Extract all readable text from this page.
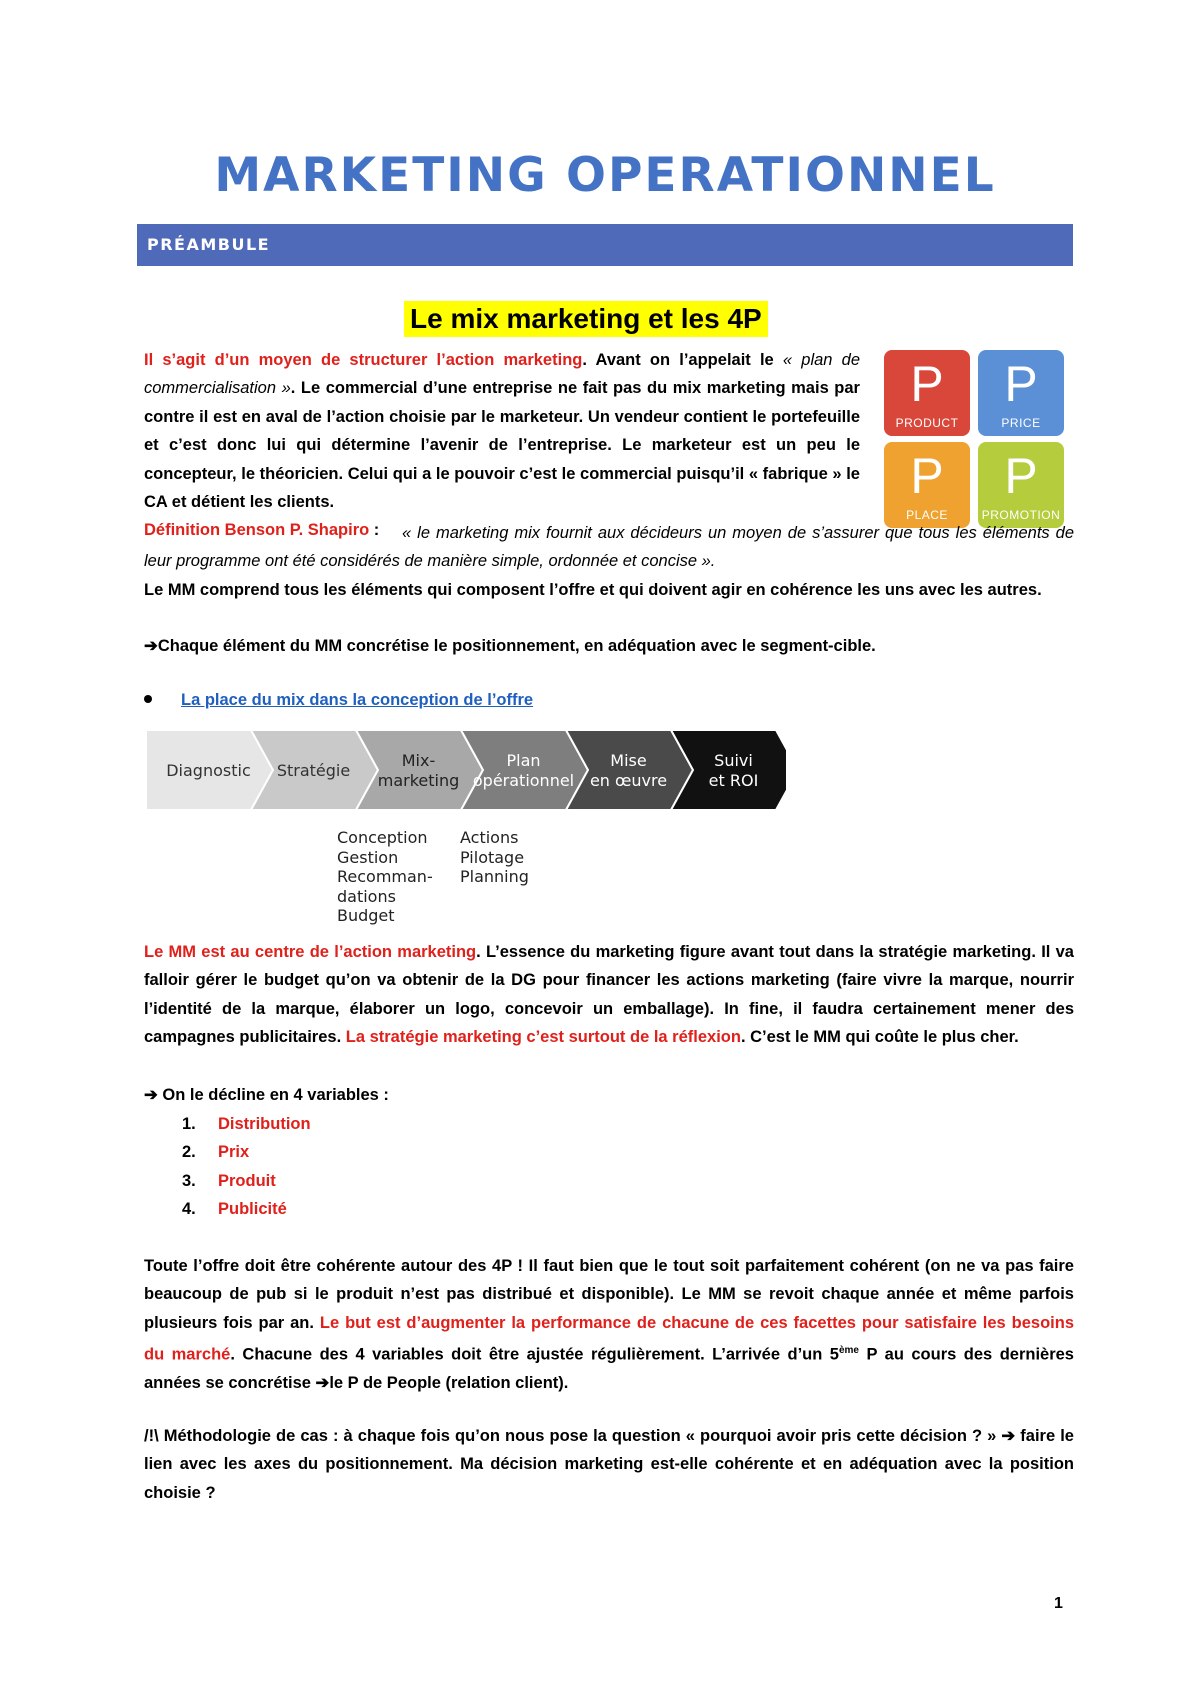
MARKETING OPERATIONNEL
PRÉAMBULE
Le mix marketing et les 4P
Il s’agit d’un moyen de structurer l’action marketing. Avant on l’appelait le « plan de commercialisation ». Le commercial d’une entreprise ne fait pas du mix marketing mais par contre il est en aval de l’action choisie par le marketeur. Un vendeur contient le portefeuille et c’est donc lui qui détermine l’avenir de l’entreprise. Le marketeur est un peu le concepteur, le théoricien. Celui qui a le pouvoir c’est le commercial puisqu’il « fabrique » le CA et détient les clients.
Définition Benson P. Shapiro :
P
PRODUCT
P
PRICE
P
PLACE
P
PROMOTION
« le marketing mix fournit aux décideurs un moyen de s’assurer que tous les éléments de leur programme ont été considérés de manière simple, ordonnée et concise ».
Le MM comprend tous les éléments qui composent l’offre et qui doivent agir en cohérence les uns avec les autres.
➔Chaque élément du MM concrétise le positionnement, en adéquation avec le segment-cible.
La place du mix dans la conception de l’offre
Diagnostic Stratégie
Mix-
marketing
Plan
opérationnel
Mise
en œuvre
Suivi
et ROI
Conception
Gestion
Recomman-
dations
Budget
Actions
Pilotage
Planning
Le MM est au centre de l’action marketing. L’essence du marketing figure avant tout dans la stratégie marketing. Il va falloir gérer le budget qu’on va obtenir de la DG pour financer les actions marketing (faire vivre la marque, nourrir l’identité de la marque, élaborer un logo, concevoir un emballage). In fine, il faudra certainement mener des campagnes publicitaires. La stratégie marketing c’est surtout de la réflexion. C’est le MM qui coûte le plus cher.
➔ On le décline en 4 variables :
1. Distribution
2. Prix
3. Produit
4. Publicité
Toute l’offre doit être cohérente autour des 4P ! Il faut bien que le tout soit parfaitement cohérent (on ne va pas faire beaucoup de pub si le produit n’est pas distribué et disponible). Le MM se revoit chaque année et même parfois plusieurs fois par an. Le but est d’augmenter la performance de chacune de ces facettes pour satisfaire les besoins du marché. Chacune des 4 variables doit être ajustée régulièrement. L’arrivée d’un 5ème P au cours des dernières années se concrétise ➔le P de People (relation client).
/!\ Méthodologie de cas : à chaque fois qu’on nous pose la question « pourquoi avoir pris cette décision ? » ➔ faire le lien avec les axes du positionnement. Ma décision marketing est-elle cohérente et en adéquation avec la position choisie ?
1
